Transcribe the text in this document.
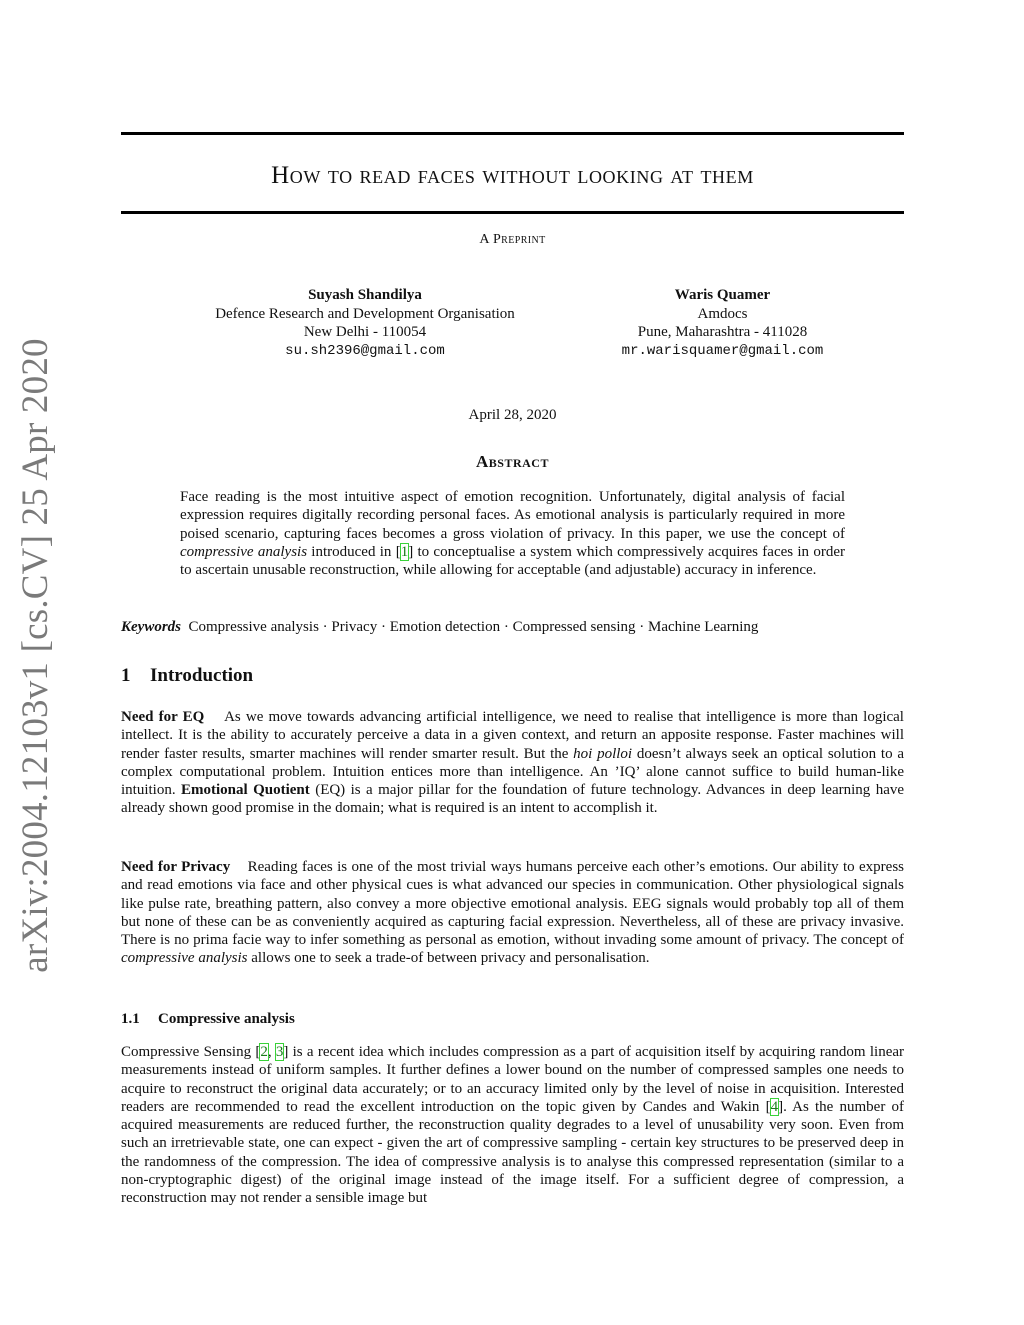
arXiv:2004.12103v1 [cs.CV] 25 Apr 2020
How to read faces without looking at them
A Preprint
Suyash Shandilya
Defence Research and Development Organisation
New Delhi - 110054
su.sh2396@gmail.com
Waris Quamer
Amdocs
Pune, Maharashtra - 411028
mr.warisquamer@gmail.com
April 28, 2020
Abstract
Face reading is the most intuitive aspect of emotion recognition. Unfortunately, digital analysis of facial expression requires digitally recording personal faces. As emotional analysis is particularly required in more poised scenario, capturing faces becomes a gross violation of privacy. In this paper, we use the concept of compressive analysis introduced in [1] to conceptualise a system which compressively acquires faces in order to ascertain unusable reconstruction, while allowing for acceptable (and adjustable) accuracy in inference.
Keywords Compressive analysis · Privacy · Emotion detection · Compressed sensing · Machine Learning
1 Introduction
Need for EQ As we move towards advancing artificial intelligence, we need to realise that intelligence is more than logical intellect. It is the ability to accurately perceive a data in a given context, and return an apposite response. Faster machines will render faster results, smarter machines will render smarter result. But the hoi polloi doesn’t always seek an optical solution to a complex computational problem. Intuition entices more than intelligence. An ’IQ’ alone cannot suffice to build human-like intuition. Emotional Quotient (EQ) is a major pillar for the foundation of future technology. Advances in deep learning have already shown good promise in the domain; what is required is an intent to accomplish it.
Need for Privacy Reading faces is one of the most trivial ways humans perceive each other’s emotions. Our ability to express and read emotions via face and other physical cues is what advanced our species in communication. Other physiological signals like pulse rate, breathing pattern, also convey a more objective emotional analysis. EEG signals would probably top all of them but none of these can be as conveniently acquired as capturing facial expression. Nevertheless, all of these are privacy invasive. There is no prima facie way to infer something as personal as emotion, without invading some amount of privacy. The concept of compressive analysis allows one to seek a trade-of between privacy and personalisation.
1.1 Compressive analysis
Compressive Sensing [2, 3] is a recent idea which includes compression as a part of acquisition itself by acquiring random linear measurements instead of uniform samples. It further defines a lower bound on the number of compressed samples one needs to acquire to reconstruct the original data accurately; or to an accuracy limited only by the level of noise in acquisition. Interested readers are recommended to read the excellent introduction on the topic given by Candes and Wakin [4]. As the number of acquired measurements are reduced further, the reconstruction quality degrades to a level of unusability very soon. Even from such an irretrievable state, one can expect - given the art of compressive sampling - certain key structures to be preserved deep in the randomness of the compression. The idea of compressive analysis is to analyse this compressed representation (similar to a non-cryptographic digest) of the original image instead of the image itself. For a sufficient degree of compression, a reconstruction may not render a sensible image but
